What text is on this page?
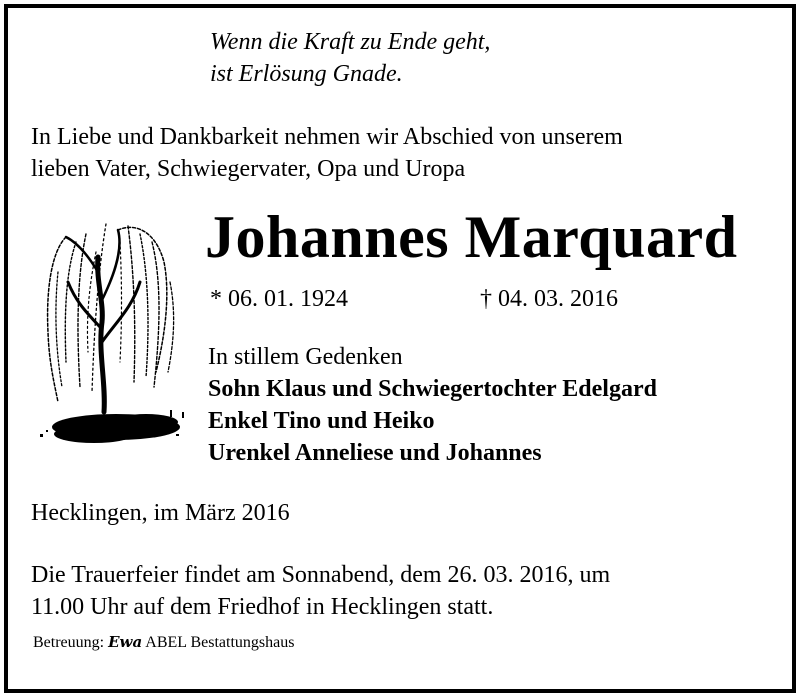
Wenn die Kraft zu Ende geht,
ist Erlösung Gnade.
In Liebe und Dankbarkeit nehmen wir Abschied von unserem
lieben Vater, Schwiegervater, Opa und Uropa
Johannes Marquard
* 06. 01. 1924	† 04. 03. 2016
In stillem Gedenken
Sohn Klaus und Schwiegertochter Edelgard
Enkel Tino und Heiko
Urenkel Anneliese und Johannes
Hecklingen, im März 2016
Die Trauerfeier findet am Sonnabend, dem 26. 03. 2016, um
11.00 Uhr auf dem Friedhof in Hecklingen statt.
Betreuung: Ewa ABEL Bestattungshaus
